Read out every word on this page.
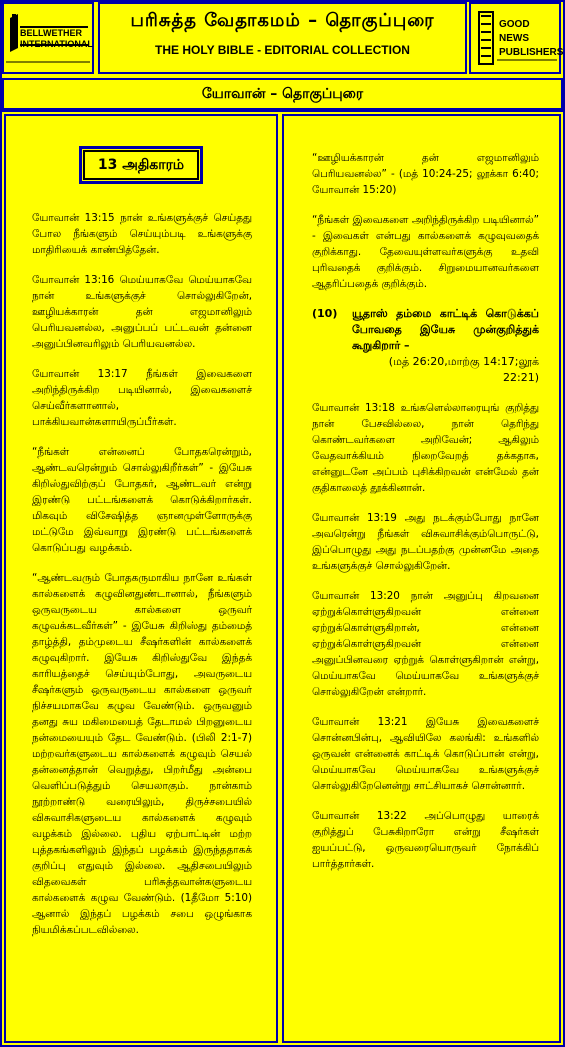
BELLWETHER INTERNATIONAL
பரிசுத்த வேதாகமம் – தொகுப்புரை
THE HOLY BIBLE - EDITORIAL COLLECTION
GOOD NEWS PUBLISHERS
யோவான் – தொகுப்புரை
13 அதிகாரம்

யோவான் 13:15 நான் உங்களுக்குச் செய்தது போல நீங்களும் செய்யும்படி உங்களுக்கு மாதிரியைக் காண்பித்தேன்.

யோவான் 13:16 மெய்யாகவே மெய்யாகவே நான் உங்களுக்குச் சொல்லுகிறேன், ஊழியக்காரன் தன் எஜமானிலும் பெரியவனல்ல, அனுப்பப் பட்டவன் தன்னை அனுப்பினவரிலும் பெரியவனல்ல.

யோவான் 13:17 நீங்கள் இவைகளை அறிந்திருக்கிற படியினால், இவைகளைச் செய்வீர்களானால், பாக்கியவான்களாயிருப்பீர்கள்.

“நீங்கள் என்னைப் போதகரென்றும், ஆண்டவரென்றும் சொல்லுகிறீர்கள்” - இயேசு கிறிஸ்துவிற்குப் போதகர், ஆண்டவர் என்று இரண்டு பட்டங்களைக் கொடுக்கிறார்கள். மிகவும் விசேஷித்த ஞானமுள்ளோருக்கு மட்டுமே இவ்வாறு இரண்டு பட்டங்களைக் கொடுப்பது வழக்கம்.

“ஆண்டவரும் போதகருமாகிய நானே உங்கள் கால்களைக் கழுவினதுண்டானால், நீங்களும் ஒருவருடைய கால்களை ஒருவர் கழுவக்கடவீர்கள்” - இயேசு கிறிஸ்து தம்மைத் தாழ்த்தி, தம்முடைய சீஷர்களின் கால்களைக் கழுவுகிறார். இயேசு கிறிஸ்துவே இந்தக் காரியத்தைச் செய்யும்போது, அவருடைய சீஷர்களும் ஒருவருடைய கால்களை ஒருவர் நிச்சயமாகவே கழுவ வேண்டும். ஒருவனும் தனது சுய மகிமையைத் தேடாமல் பிறனுடைய நன்மையையும் தேட வேண்டும். (பிலி 2:1-7) மற்றவர்களுடைய கால்களைக் கழுவும் செயல் தன்னைத்தான் வெறுத்து, பிறர்மீது அன்பை வெளிப்படுத்தும் செயலாகும். நான்காம் நூற்றாண்டு வரையிலும், திருச்சபையில் விசுவாசிகளுடைய கால்களைக் கழுவும் வழக்கம் இல்லை. புதிய ஏற்பாட்டின் மற்ற புத்தகங்களிலும் இந்தப் பழக்கம் இருந்ததாகக் குறிப்பு எதுவும் இல்லை. ஆதிசபையிலும் விதவைகள் பரிசுத்தவான்களுடைய கால்களைக் கழுவ வேண்டும். (1தீமோ 5:10) ஆனால் இந்தப் பழக்கம் சபை ஒழுங்காக நியமிக்கப்படவில்லை.

“ஊழியக்காரன் தன் எஜமானிலும் பெரியவனல்ல” - (மத் 10:24-25; லூக்கா 6:40; யோவான் 15:20)

“நீங்கள் இவைகளை அறிந்திருக்கிற படியினால்” - இவைகள் என்பது கால்களைக் கழுவுவதைக் குறிக்காது. தேவையுள்ளவர்களுக்கு உதவி புரிவதைக் குறிக்கும். சிறுமையானவர்களை ஆதரிப்பதைக் குறிக்கும்.

(10)	யூதாஸ் தம்மை காட்டிக் கொடுக்கப் போவதை இயேசு முன்குறித்துக் கூறுகிறார் –
(மத் 26:20,மாற்கு 14:17;லூக் 22:21)

யோவான் 13:18 உங்களெல்லாரையுங் குறித்து நான் பேசவில்லை, நான் தெரிந்து கொண்டவர்களை அறிவேன்; ஆகிலும் வேதவாக்கியம் நிறைவேறத் தக்கதாக, என்னுடனே அப்பம் புசிக்கிறவன் என்மேல் தன் குதிகாலைத் தூக்கினான்.

யோவான் 13:19 அது நடக்கும்போது நானே அவரென்று நீங்கள் விசுவாசிக்கும்பொருட்டு, இப்பொழுது அது நடப்பதற்கு முன்னமே அதை உங்களுக்குச் சொல்லுகிறேன்.

யோவான் 13:20 நான் அனுப்பு கிறவனை ஏற்றுக்கொள்ளுகிறவன் என்னை ஏற்றுக்கொள்ளுகிறான், என்னை ஏற்றுக்கொள்ளுகிறவன் என்னை அனுப்பினவரை ஏற்றுக் கொள்ளுகிறான் என்று, மெய்யாகவே மெய்யாகவே உங்களுக்குச் சொல்லுகிறேன் என்றார்.

யோவான் 13:21 இயேசு இவைகளைச் சொன்னபின்பு, ஆவியிலே கலங்கி: உங்களில் ஒருவன் என்னைக் காட்டிக் கொடுப்பான் என்று, மெய்யாகவே மெய்யாகவே உங்களுக்குச் சொல்லுகிறேனென்று சாட்சியாகச் சொன்னார்.

யோவான் 13:22 அப்பொழுது யாரைக் குறித்துப் பேசுகிறாரோ என்று சீஷர்கள் ஐயப்பட்டு, ஒருவரையொருவர் நோக்கிப் பார்த்தார்கள்.
